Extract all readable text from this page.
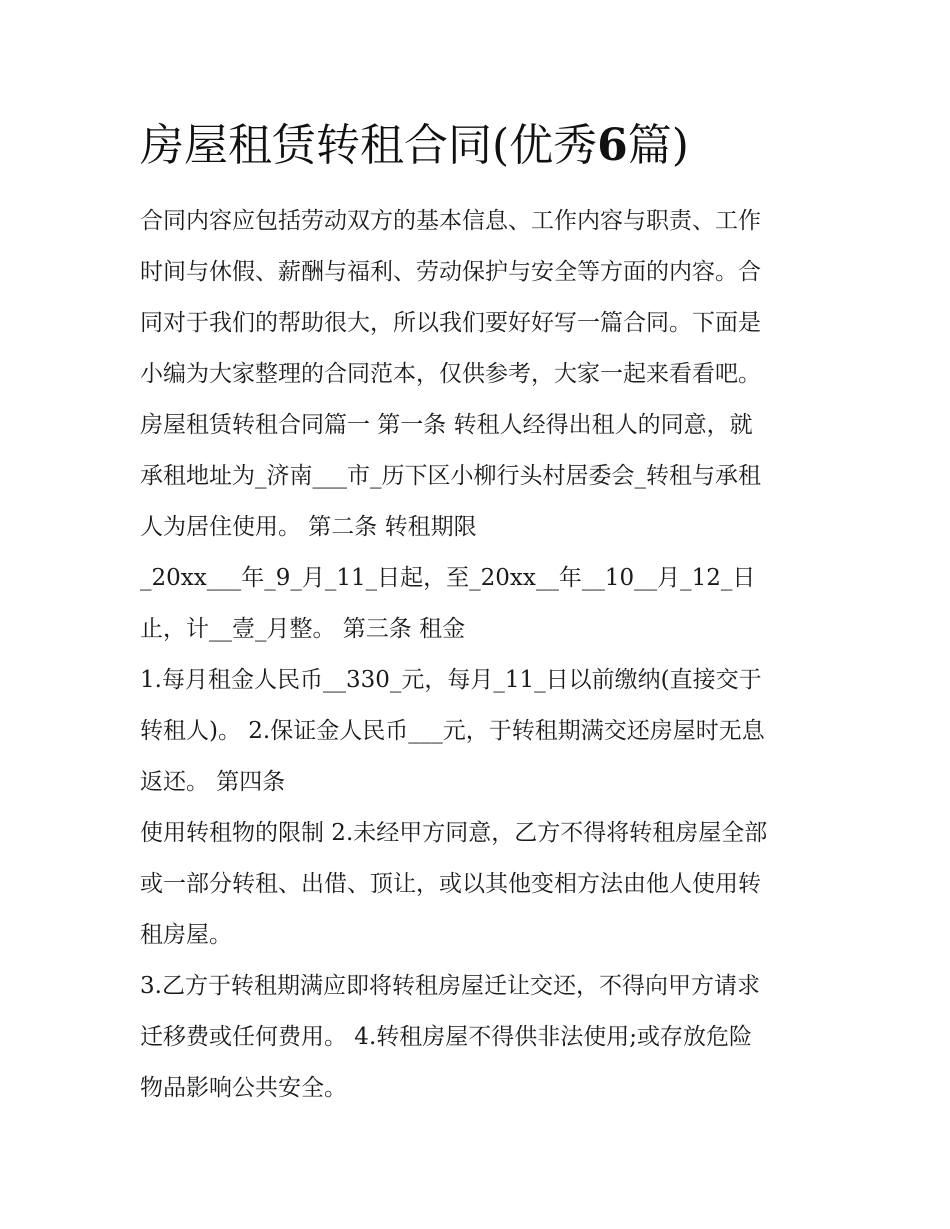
房屋租赁转租合同(优秀6篇)
合同内容应包括劳动双方的基本信息、工作内容与职责、工作
时间与休假、薪酬与福利、劳动保护与安全等方面的内容。合
同对于我们的帮助很大，所以我们要好好写一篇合同。下面是
小编为大家整理的合同范本，仅供参考，大家一起来看看吧。
房屋租赁转租合同篇一 第一条 转租人经得出租人的同意，就
承租地址为_济南___市_历下区小柳行头村居委会_转租与承租
人为居住使用。 第二条 转租期限
_20xx___年_9_月_11_日起，至_20xx__年__10__月_12_日
止，计__壹_月整。 第三条 租金
1.每月租金人民币__330_元，每月_11_日以前缴纳(直接交于
转租人)。 2.保证金人民币___元，于转租期满交还房屋时无息
返还。 第四条
使用转租物的限制 2.未经甲方同意，乙方不得将转租房屋全部
或一部分转租、出借、顶让，或以其他变相方法由他人使用转
租房屋。
3.乙方于转租期满应即将转租房屋迁让交还，不得向甲方请求
迁移费或任何费用。 4.转租房屋不得供非法使用;或存放危险
物品影响公共安全。
